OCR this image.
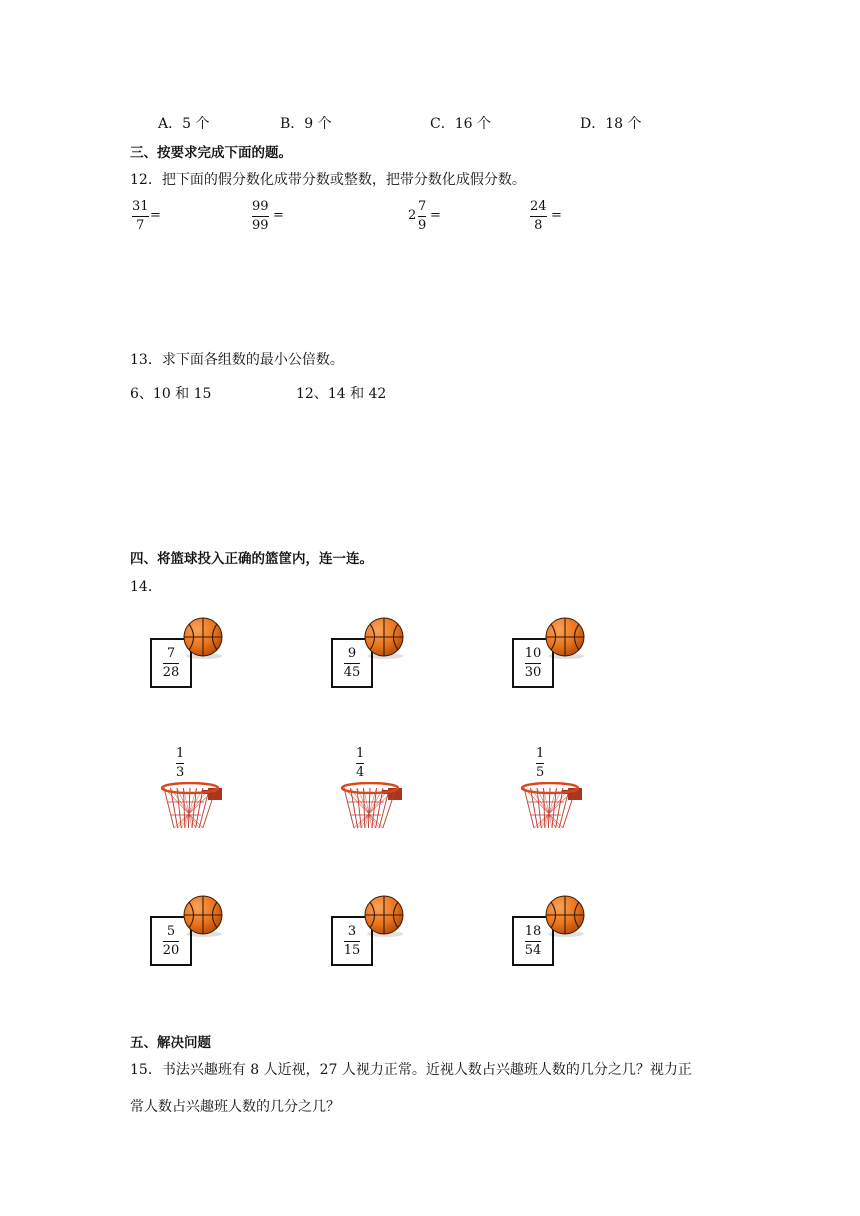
A．5 个	B．9 个	C．16 个	D．18 个
三、按要求完成下面的题。
12．把下面的假分数化成带分数或整数，把带分数化成假分数。
31
7
=
99
99
=	2
7
9
=
24
8
=
13．求下面各组数的最小公倍数。
6、10 和 15	12、14 和 42
四、将篮球投入正确的篮筐内，连一连。
14．
$\frac{7}{28}$	$\frac{9}{45}$	$\frac{10}{30}$
1
3
1
4
1
5
$\frac{5}{20}$	$\frac{3}{15}$	$\frac{18}{54}$
五、解决问题
15．书法兴趣班有 8 人近视，27 人视力正常。近视人数占兴趣班人数的几分之几？视力正
常人数占兴趣班人数的几分之几？
